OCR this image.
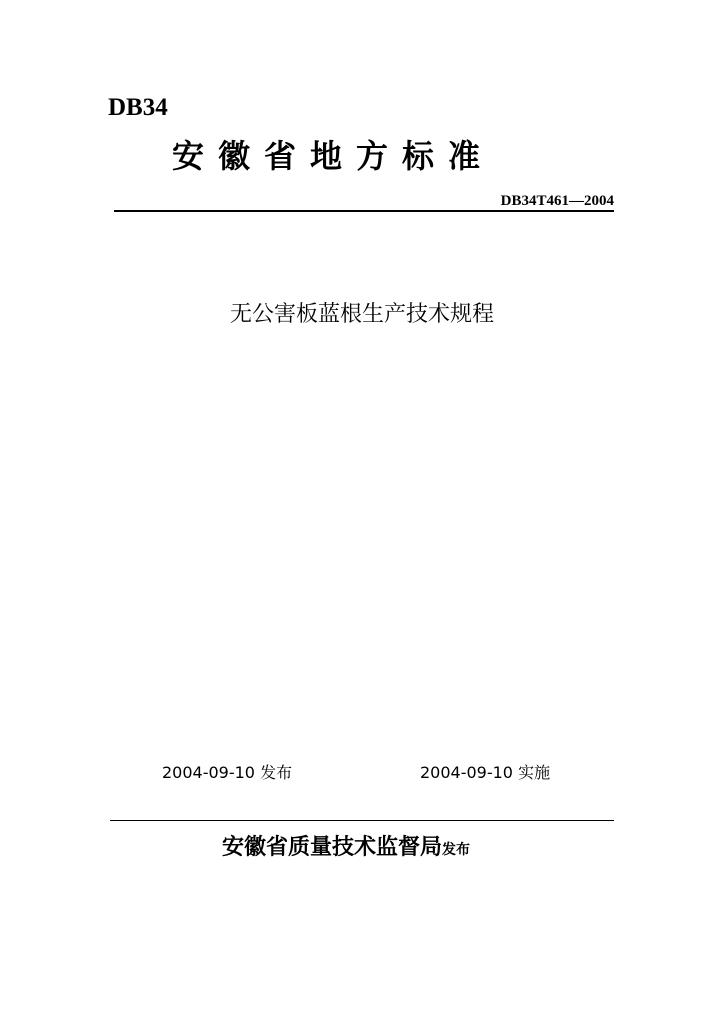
DB34
安徽省地方标准
DB34T461—2004
无公害板蓝根生产技术规程
2004-09-10 发布	2004-09-10 实施
安徽省质量技术监督局发布
